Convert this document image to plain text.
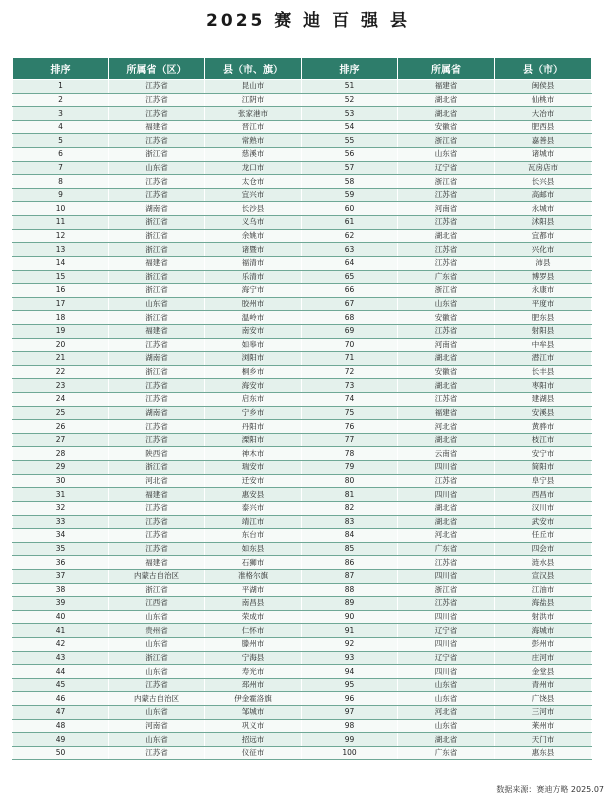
2025 赛 迪 百 强 县
排序	所属省（区）	县（市、旗）	排序	所属省	县（市）
1	江苏省	昆山市	51	福建省	闽侯县
2	江苏省	江阴市	52	湖北省	仙桃市
3	江苏省	张家港市	53	湖北省	大冶市
4	福建省	晋江市	54	安徽省	肥西县
5	江苏省	常熟市	55	浙江省	嘉善县
6	浙江省	慈溪市	56	山东省	诸城市
7	山东省	龙口市	57	辽宁省	瓦房店市
8	江苏省	太仓市	58	浙江省	长兴县
9	江苏省	宜兴市	59	江苏省	高邮市
10	湖南省	长沙县	60	河南省	永城市
11	浙江省	义乌市	61	江苏省	沭阳县
12	浙江省	余姚市	62	湖北省	宜都市
13	浙江省	诸暨市	63	江苏省	兴化市
14	福建省	福清市	64	江苏省	沛县
15	浙江省	乐清市	65	广东省	博罗县
16	浙江省	海宁市	66	浙江省	永康市
17	山东省	胶州市	67	山东省	平度市
18	浙江省	温岭市	68	安徽省	肥东县
19	福建省	南安市	69	江苏省	射阳县
20	江苏省	如皋市	70	河南省	中牟县
21	湖南省	浏阳市	71	湖北省	潜江市
22	浙江省	桐乡市	72	安徽省	长丰县
23	江苏省	海安市	73	湖北省	枣阳市
24	江苏省	启东市	74	江苏省	建湖县
25	湖南省	宁乡市	75	福建省	安溪县
26	江苏省	丹阳市	76	河北省	黄骅市
27	江苏省	溧阳市	77	湖北省	枝江市
28	陕西省	神木市	78	云南省	安宁市
29	浙江省	瑞安市	79	四川省	简阳市
30	河北省	迁安市	80	江苏省	阜宁县
31	福建省	惠安县	81	四川省	西昌市
32	江苏省	泰兴市	82	湖北省	汉川市
33	江苏省	靖江市	83	湖北省	武安市
34	江苏省	东台市	84	河北省	任丘市
35	江苏省	如东县	85	广东省	四会市
36	福建省	石狮市	86	江苏省	涟水县
37	内蒙古自治区	准格尔旗	87	四川省	宣汉县
38	浙江省	平湖市	88	浙江省	江油市
39	江西省	南昌县	89	江苏省	海盐县
40	山东省	荣成市	90	四川省	射洪市
41	贵州省	仁怀市	91	辽宁省	海城市
42	山东省	滕州市	92	四川省	彭州市
43	浙江省	宁海县	93	辽宁省	庄河市
44	山东省	寿光市	94	四川省	金堂县
45	江苏省	邳州市	95	山东省	青州市
46	内蒙古自治区	伊金霍洛旗	96	山东省	广饶县
47	山东省	邹城市	97	河北省	三河市
48	河南省	巩义市	98	山东省	莱州市
49	山东省	招远市	99	湖北省	天门市
50	江苏省	仪征市	100	广东省	惠东县
数据来源：赛迪方略 2025.07
